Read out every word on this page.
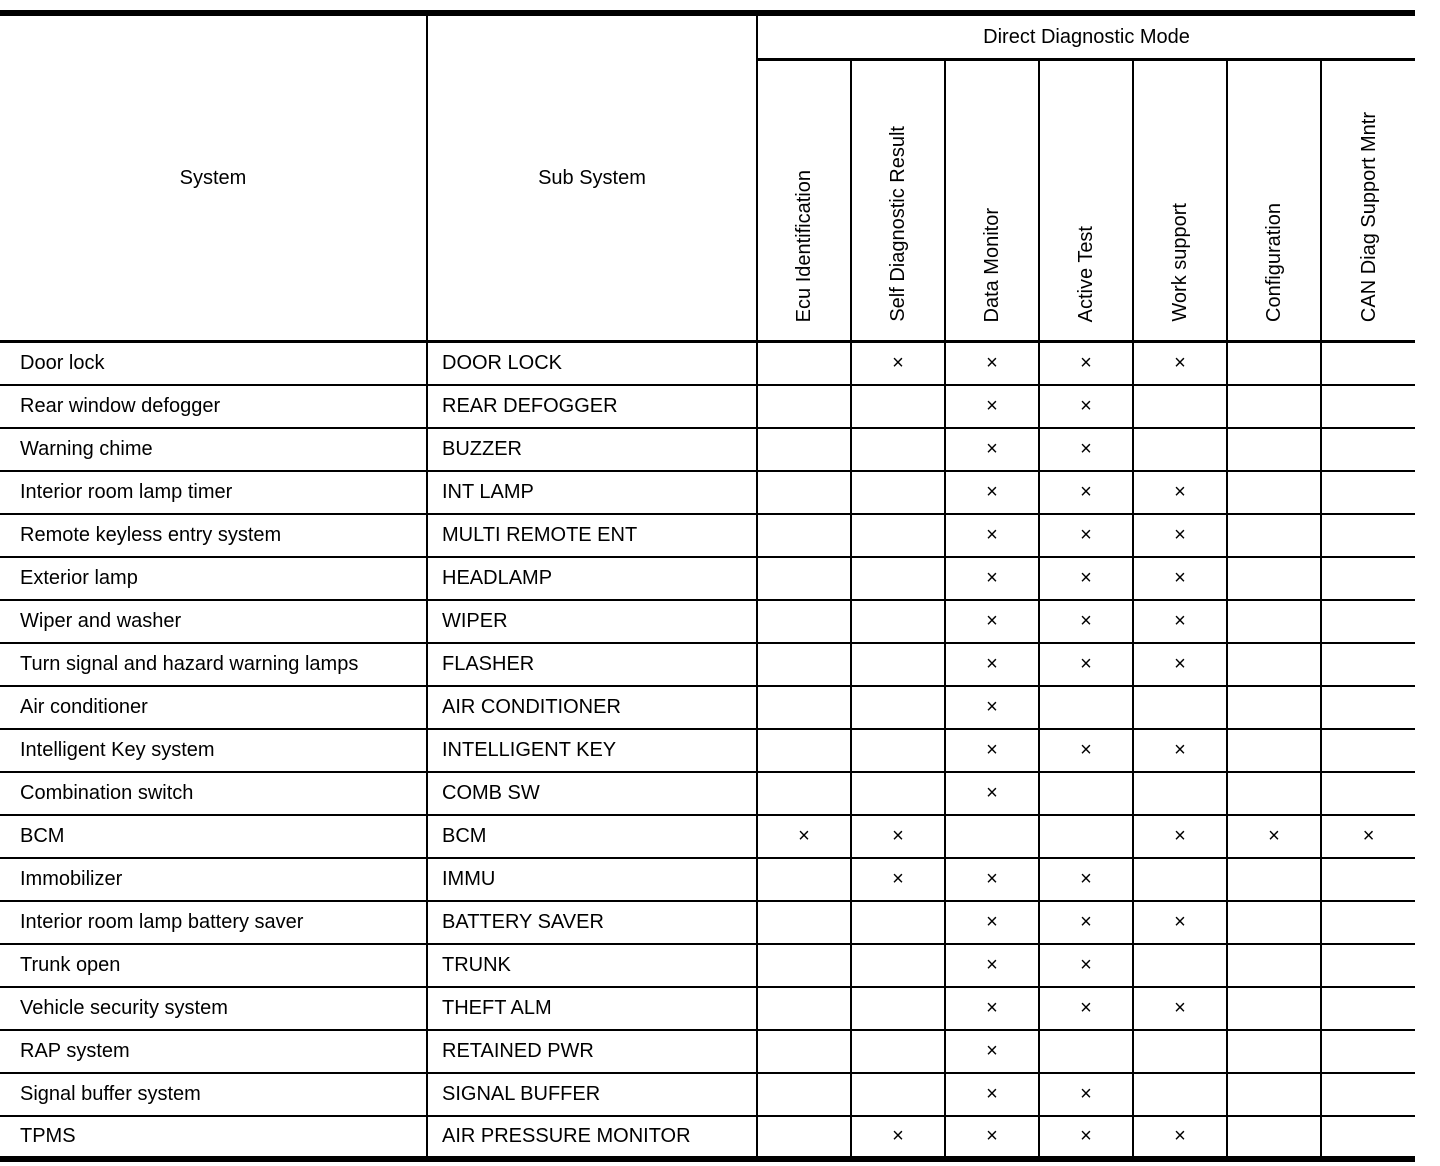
System	Sub System	Direct Diagnostic Mode						
		Ecu Identification	Self Diagnostic Result	Data Monitor	Active Test	Work support	Configuration	CAN Diag Support Mntr
Door lock	DOOR LOCK		×	×	×	×		
Rear window defogger	REAR DEFOGGER			×	×			
Warning chime	BUZZER			×	×			
Interior room lamp timer	INT LAMP			×	×	×		
Remote keyless entry system	MULTI REMOTE ENT			×	×	×		
Exterior lamp	HEADLAMP			×	×	×		
Wiper and washer	WIPER			×	×	×		
Turn signal and hazard warning lamps	FLASHER			×	×	×		
Air conditioner	AIR CONDITIONER			×				
Intelligent Key system	INTELLIGENT KEY			×	×	×		
Combination switch	COMB SW			×				
BCM	BCM	×	×			×	×	×
Immobilizer	IMMU		×	×	×			
Interior room lamp battery saver	BATTERY SAVER			×	×	×		
Trunk open	TRUNK			×	×			
Vehicle security system	THEFT ALM			×	×	×		
RAP system	RETAINED PWR			×				
Signal buffer system	SIGNAL BUFFER			×	×			
TPMS	AIR PRESSURE MONITOR		×	×	×	×		
